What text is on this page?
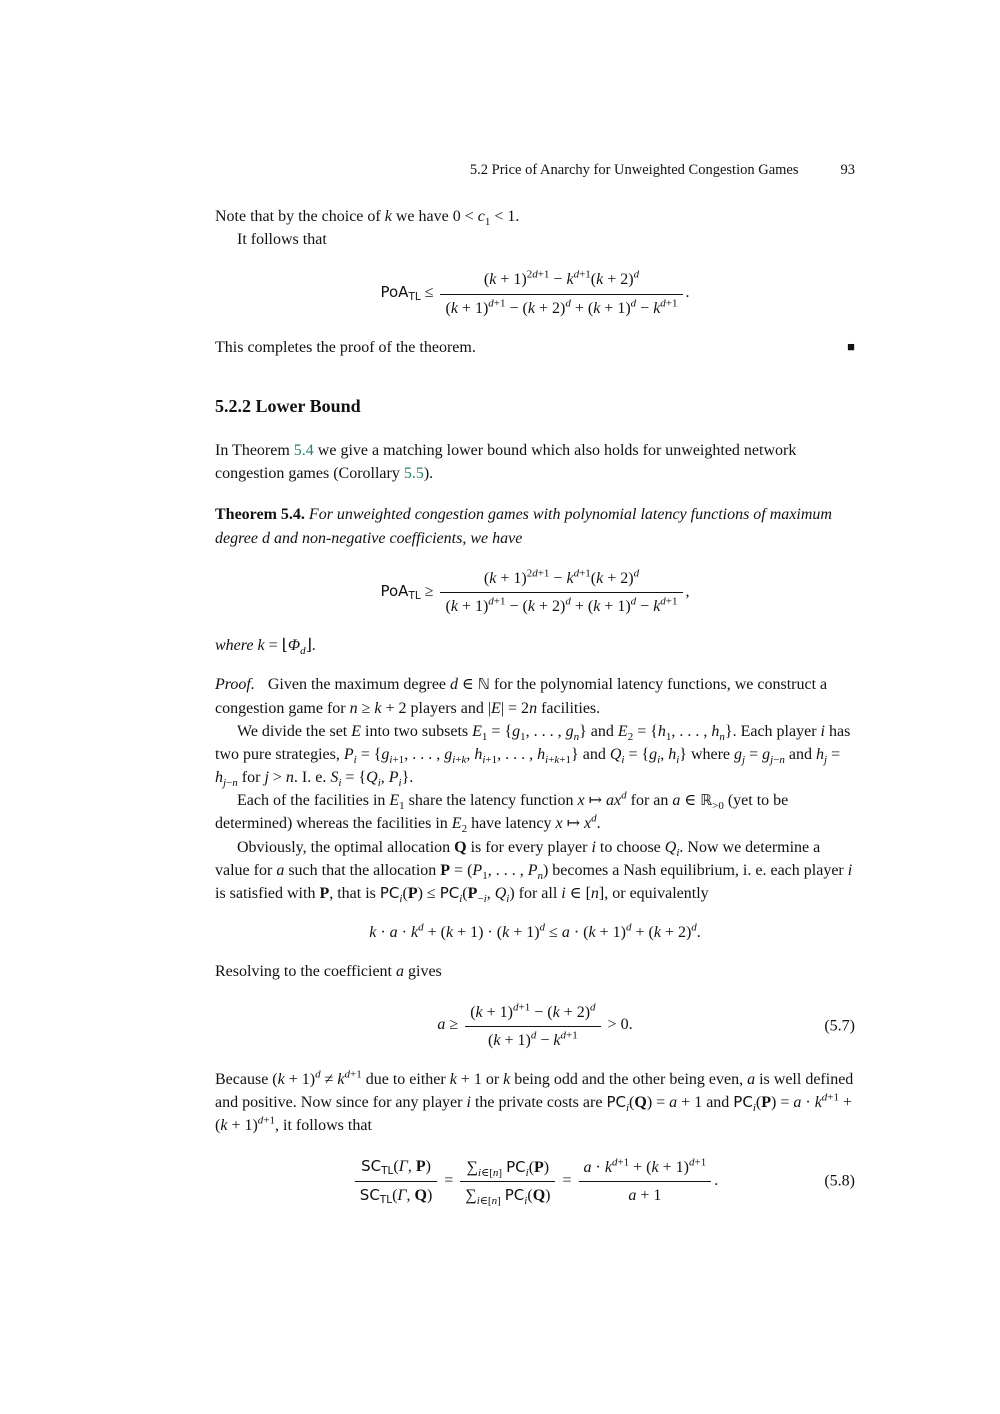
5.2 Price of Anarchy for Unweighted Congestion Games	93

Note that by the choice of k we have $0 < c_1 < 1$.

It follows that

$PoA_{TL} \le \frac{(k + 1)^{2d+1} - k^{d+1}(k + 2)^d}{(k + 1)^{d+1} - (k + 2)^d + (k + 1)^d - k^{d+1}}$ .
This completes the proof of the theorem.	■
5.2.2 Lower Bound

In Theorem 5.4 we give a matching lower bound which also holds for unweighted network congestion games (Corollary 5.5).

Theorem 5.4. For unweighted congestion games with polynomial latency functions of maximum degree d and non-negative coefficients, we have
$PoA_{TL} \ge \frac{(k + 1)^{2d+1} - k^{d+1}(k + 2)^d}{(k + 1)^{d+1} - (k + 2)^d + (k + 1)^d - k^{d+1}}$ ,

where $k = ⌊\Phi_d⌋$.

Proof. Given the maximum degree d ∈ ℕ for the polynomial latency functions, we construct a congestion game for n ≥ k + 2 players and |E| = 2n facilities.

We divide the set E into two subsets $E_1 = \{g_1$, . . . , $g_n$} and $E_2 = \{h_1$, . . . , $h_n$}. Each player i has two pure strategies, $P_i = \{g_{i+1}$, . . . , $g_{i+k}$, $h_{i+1}$, . . . , $h_{i+k+1}$} and $Q_i = \{g_i$, $h_i$} where $g_j = g_{j-n}$ and $h_j = h_{j-n}$ for j > n. I. e. $S_i = \{Q_i$, $P_i$}.

Each of the facilities in $E_1$ share the latency function x ↦ $ax^d$ for an a ∈ ℝ$_{>0}$ (yet to be determined) whereas the facilities in $E_2$ have latency x ↦ $x^d$.

Obviously, the optimal allocation Q is for every player i to choose $Q_i$. Now we determine a value for a such that the allocation $P = (P_1$, . . . , $P_n$) becomes a Nash equilibrium, i. e. each player i is satisfied with P, that is $PC_i(P) \le PC_i(P_{-i}$, $Q_i$) for all i ∈ [n], or equivalently

$k \cdot a \cdot k^d + (k + 1) \cdot (k + 1)^d \le a \cdot (k + 1)^d + (k + 2)^d$.

Resolving to the coefficient a gives

$a \ge \frac{(k + 1)^{d+1} - (k + 2)^d}{(k + 1)^d - k^{d+1}} > 0$.	(5.7)

Because $(k + 1)^d \ne k^{d+1}$ due to either k + 1 or k being odd and the other being even, a is well defined and positive. Now since for any player i the private costs are $PC_i(Q) = a + 1$ and $PC_i(P) = a \cdot k^{d+1} + (k + 1)^{d+1}$, it follows that

$\frac{SC_{TL}(\Gamma, P)}{SC_{TL}(\Gamma, Q)} = \frac{\sum_{i\in[n]} PC_i(P)}{\sum_{i\in[n]} PC_i(Q)} = \frac{a \cdot k^{d+1} + (k + 1)^{d+1}}{a + 1}$ .	(5.8)
